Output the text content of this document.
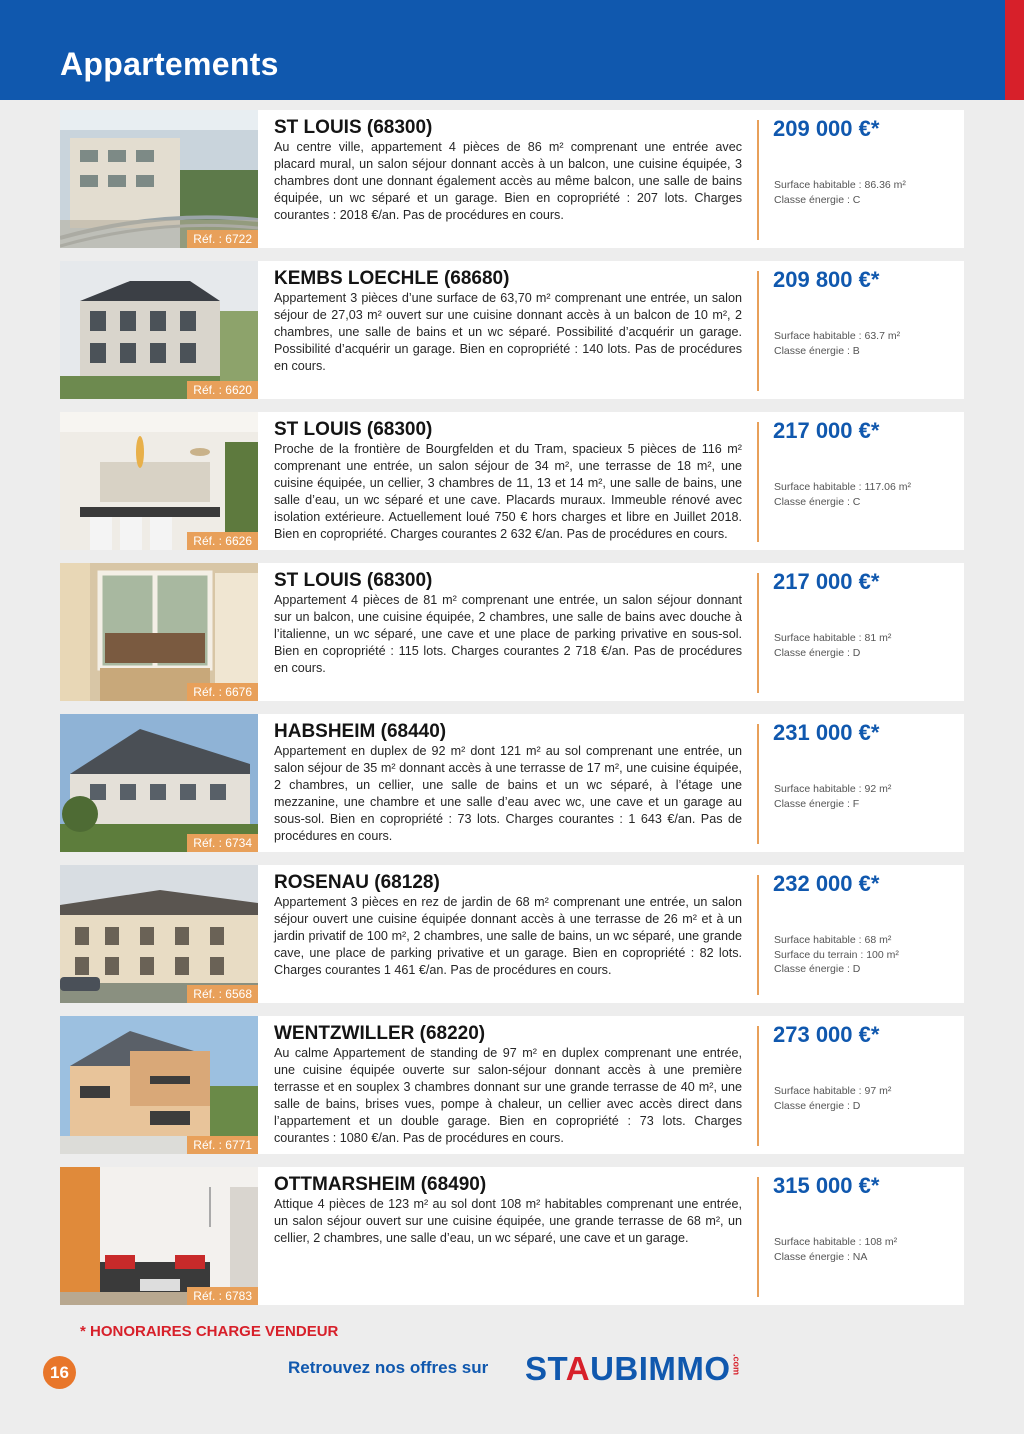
Appartements
Réf. : 6722
ST LOUIS (68300)

Au centre ville, appartement 4 pièces de 86 m² comprenant une entrée avec placard mural, un salon séjour donnant accès à un balcon, une cuisine équipée, 3 chambres dont une donnant également accès au même balcon, une salle de bains équipée, un wc séparé et un garage. Bien en copropriété : 207 lots. Charges courantes : 2018 €/an. Pas de procédures en cours.

209 000 €*
Surface habitable : 86.36 m²
Classe énergie : C
Réf. : 6620
KEMBS LOECHLE (68680)

Appartement 3 pièces d’une surface de 63,70 m² comprenant une entrée, un salon séjour de 27,03 m² ouvert sur une cuisine donnant accès à un balcon de 10 m², 2 chambres, une salle de bains et un wc séparé. Possibilité d’acquérir un garage. Possibilité d’acquérir un garage. Bien en copropriété : 140 lots. Pas de procédures en cours.

209 800 €*
Surface habitable : 63.7 m²
Classe énergie : B
Réf. : 6626
ST LOUIS (68300)

Proche de la frontière de Bourgfelden et du Tram, spacieux 5 pièces de 116 m² comprenant une entrée, un salon séjour de 34 m², une terrasse de 18 m², une cuisine équipée, un cellier, 3 chambres de 11, 13 et 14 m², une salle de bains, une salle d’eau, un wc séparé et une cave. Placards muraux. Immeuble rénové avec isolation extérieure. Actuellement loué 750 € hors charges et libre en Juillet 2018. Bien en copropriété. Charges courantes 2 632 €/an. Pas de procédures en cours.

217 000 €*
Surface habitable : 117.06 m²
Classe énergie : C
Réf. : 6676
ST LOUIS (68300)

Appartement 4 pièces de 81 m² comprenant une entrée, un salon séjour donnant sur un balcon, une cuisine équipée, 2 chambres, une salle de bains avec douche à l’italienne, un wc séparé, une cave et une place de parking privative en sous-sol. Bien en copropriété : 115 lots. Charges courantes 2 718 €/an. Pas de procédures en cours.

217 000 €*
Surface habitable : 81 m²
Classe énergie : D
Réf. : 6734
HABSHEIM (68440)

Appartement en duplex de 92 m² dont 121 m² au sol comprenant une entrée, un salon séjour de 35 m² donnant accès à une terrasse de 17 m², une cuisine équipée, 2 chambres, un cellier, une salle de bains et un wc séparé, à l’étage une mezzanine, une chambre et une salle d’eau avec wc, une cave et un garage au sous-sol. Bien en copropriété : 73 lots. Charges courantes : 1 643 €/an. Pas de procédures en cours.

231 000 €*
Surface habitable : 92 m²
Classe énergie : F
Réf. : 6568
ROSENAU (68128)

Appartement 3 pièces en rez de jardin de 68 m² comprenant une entrée, un salon séjour ouvert une cuisine équipée donnant accès à une terrasse de 26 m² et à un jardin privatif de 100 m², 2 chambres, une salle de bains, un wc séparé, une grande cave, une place de parking privative et un garage. Bien en copropriété : 82 lots. Charges courantes 1 461 €/an. Pas de procédures en cours.

232 000 €*
Surface habitable : 68 m²
Surface du terrain : 100 m²
Classe énergie : D
Réf. : 6771
WENTZWILLER (68220)

Au calme Appartement de standing de 97 m² en duplex comprenant une entrée, une cuisine équipée ouverte sur salon-séjour donnant accès à une première terrasse et en souplex 3 chambres donnant sur une grande terrasse de 40 m², une salle de bains, brises vues, pompe à chaleur, un cellier avec accès direct dans l’appartement et un double garage. Bien en copropriété : 73 lots. Charges courantes : 1080 €/an. Pas de procédures en cours.

273 000 €*
Surface habitable : 97 m²
Classe énergie : D
Réf. : 6783
OTTMARSHEIM (68490)

Attique 4 pièces de 123 m² au sol dont 108 m² habitables comprenant une entrée, un salon séjour ouvert sur une cuisine équipée, une grande terrasse de 68 m², un cellier, 2 chambres, une salle d’eau, un wc séparé, une cave et un garage.

315 000 €*
Surface habitable : 108 m²
Classe énergie : NA
* HONORAIRES CHARGE VENDEUR
16	Retrouvez nos offres sur STAUBIMMO .com
